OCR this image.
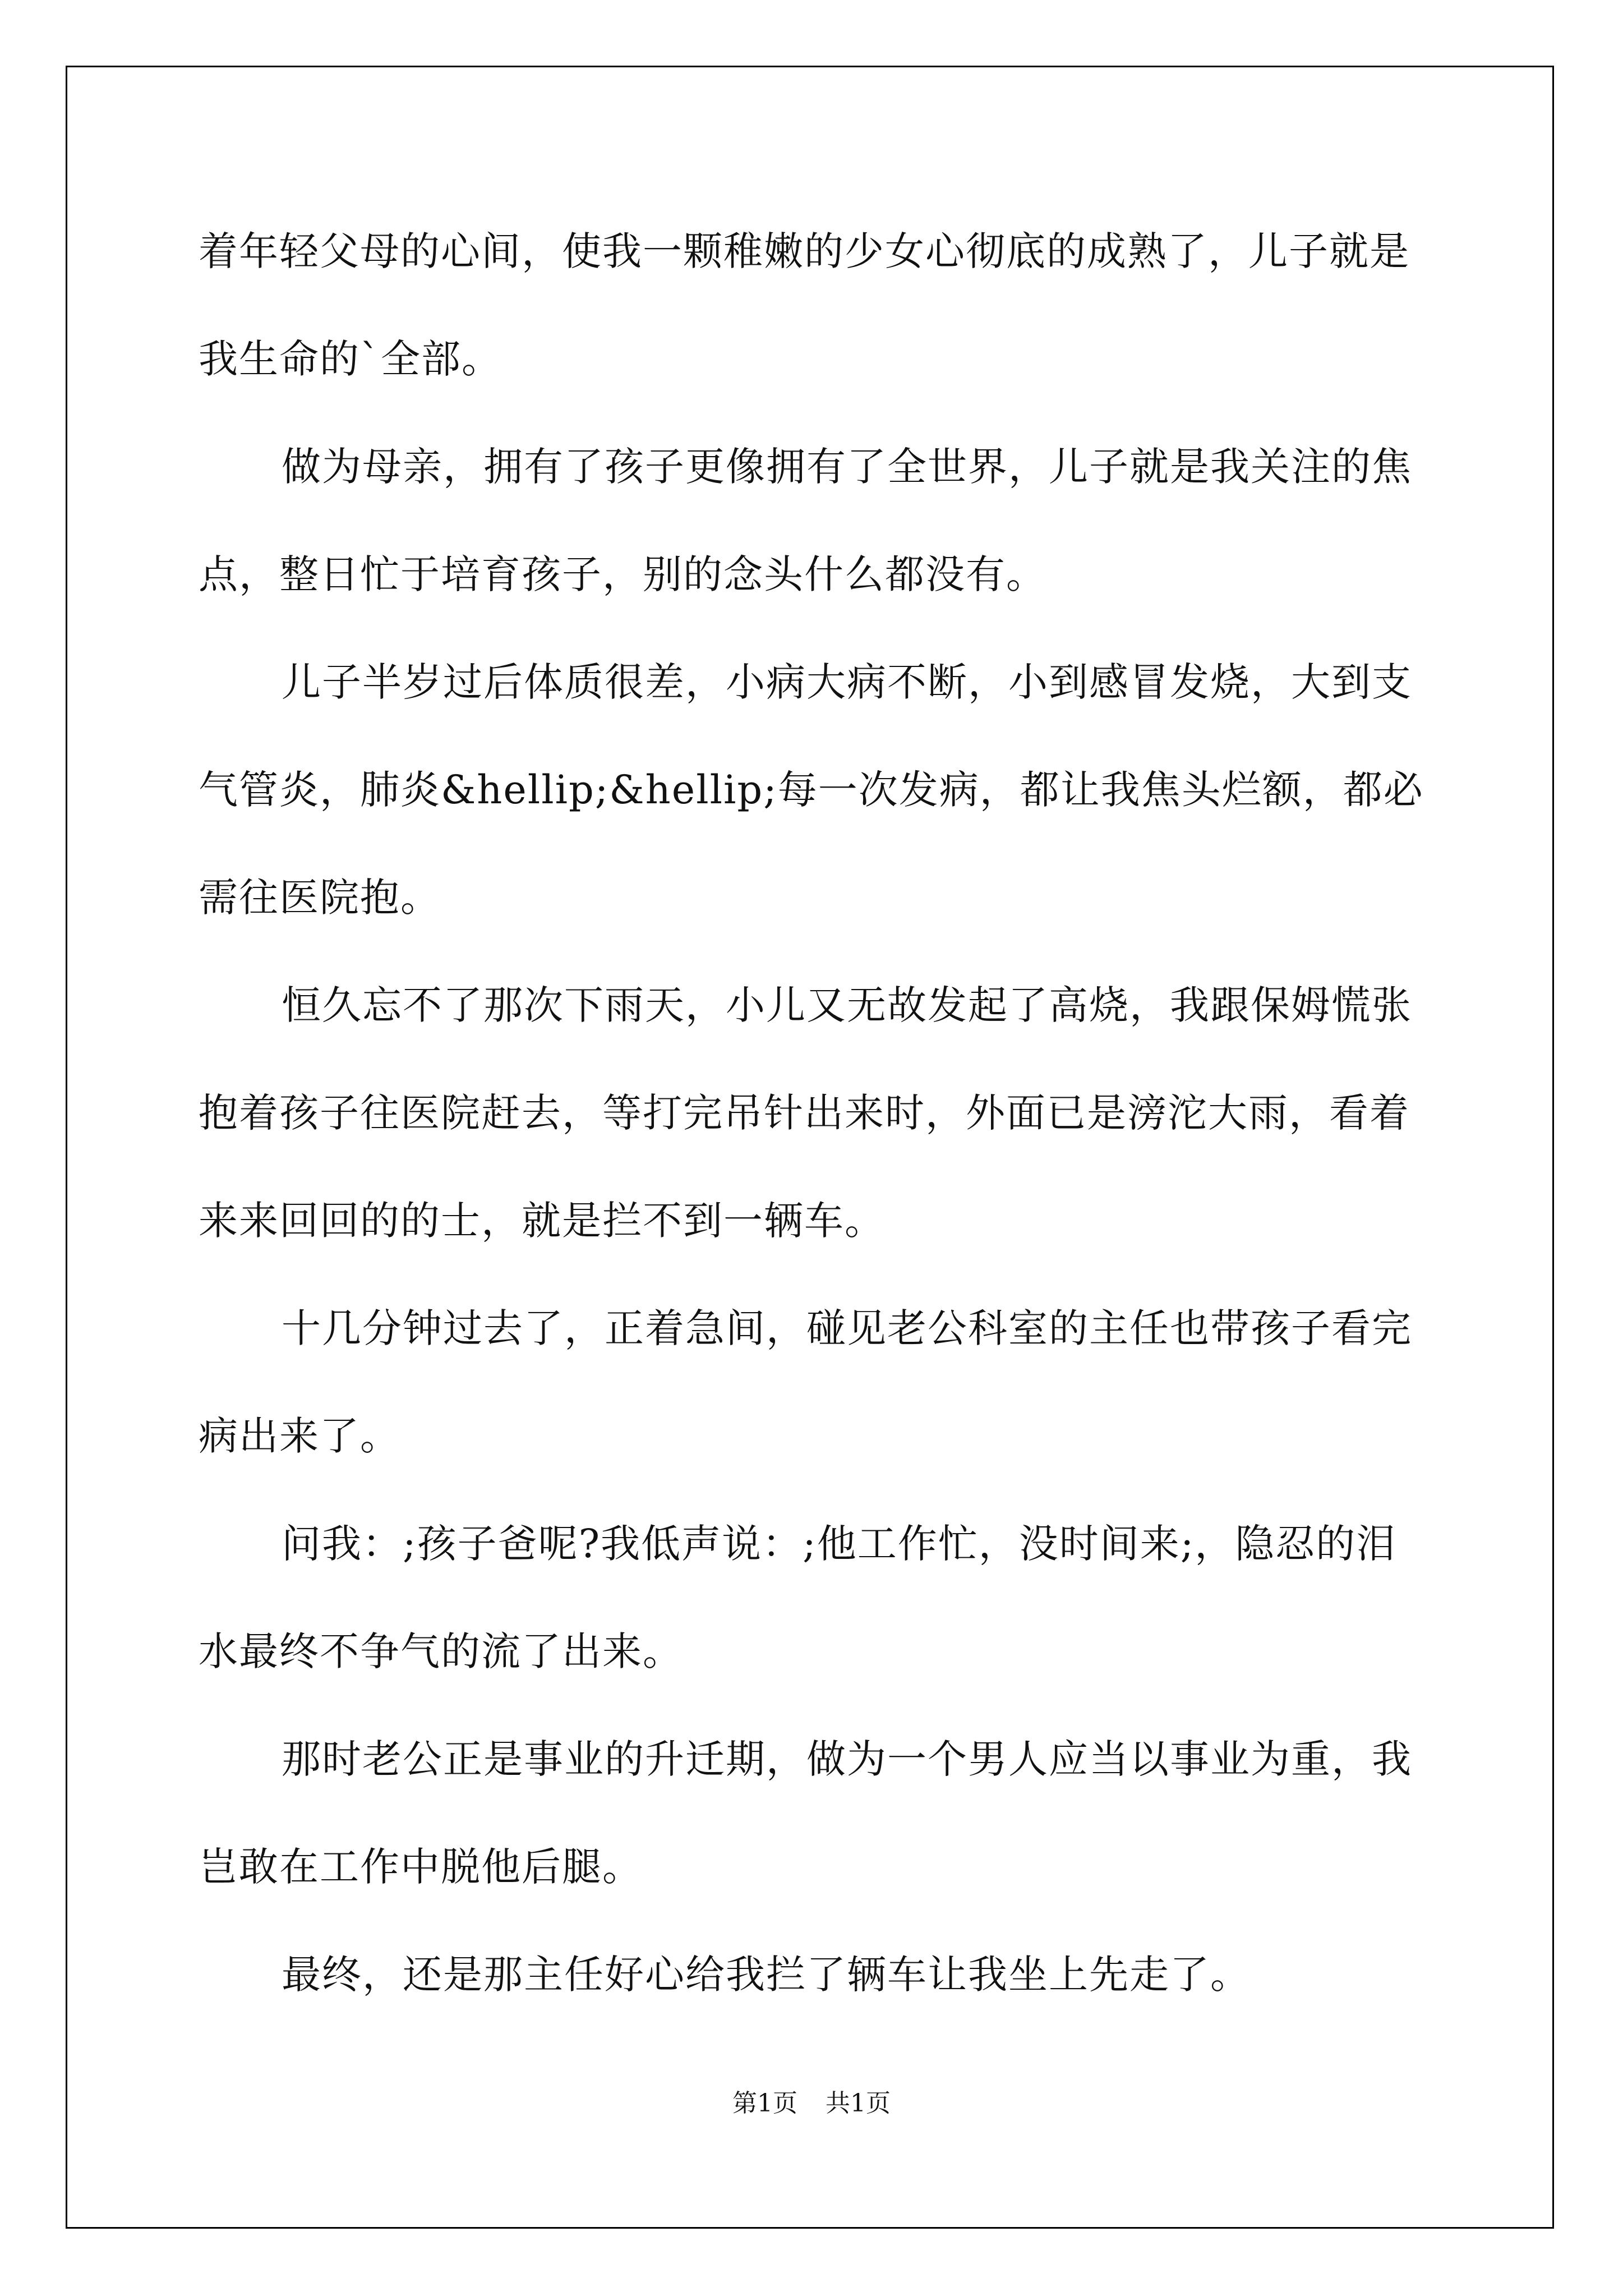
着年轻父母的心间，使我一颗稚嫩的少女心彻底的成熟了，儿子就是
我生命的`全部。
做为母亲，拥有了孩子更像拥有了全世界，儿子就是我关注的焦
点，整日忙于培育孩子，别的念头什么都没有。
儿子半岁过后体质很差，小病大病不断，小到感冒发烧，大到支
气管炎，肺炎&hellip;&hellip;每一次发病，都让我焦头烂额，都必
需往医院抱。
恒久忘不了那次下雨天，小儿又无故发起了高烧，我跟保姆慌张
抱着孩子往医院赶去，等打完吊针出来时，外面已是滂沱大雨，看着
来来回回的的士，就是拦不到一辆车。
十几分钟过去了，正着急间，碰见老公科室的主任也带孩子看完
病出来了。
问我：;孩子爸呢?我低声说：;他工作忙，没时间来;，隐忍的泪
水最终不争气的流了出来。
那时老公正是事业的升迁期，做为一个男人应当以事业为重，我
岂敢在工作中脱他后腿。
最终，还是那主任好心给我拦了辆车让我坐上先走了。
第1页 共1页
